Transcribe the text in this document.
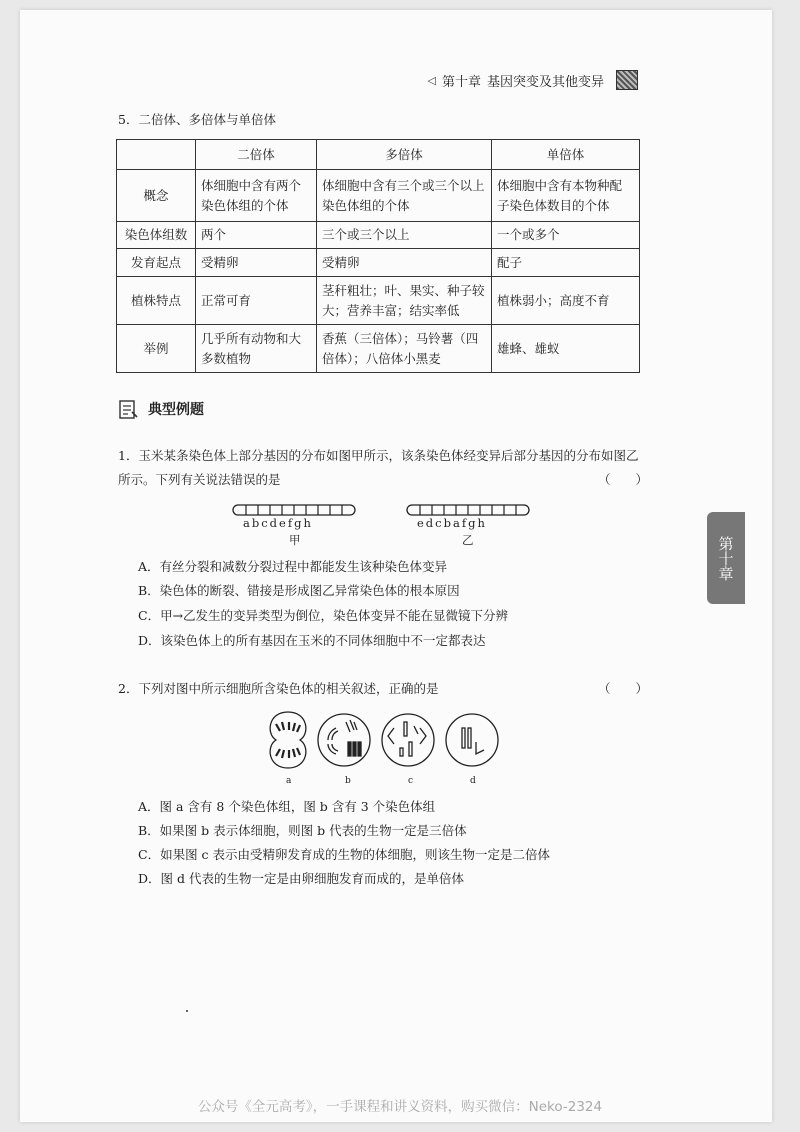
◁ 第十章 基因突变及其他变异
5．二倍体、多倍体与单倍体
	二倍体	多倍体	单倍体
概念	体细胞中含有两个染色体组的个体	体细胞中含有三个或三个以上染色体组的个体	体细胞中含有本物种配子染色体数目的个体
染色体组数	两个	三个或三个以上	一个或多个
发育起点	受精卵	受精卵	配子
植株特点	正常可育	茎秆粗壮；叶、果实、种子较大；营养丰富；结实率低	植株弱小；高度不育
举例	几乎所有动物和大多数植物	香蕉（三倍体）；马铃薯（四倍体）；八倍体小黑麦	雄蜂、雄蚁
典型例题
1．玉米某条染色体上部分基因的分布如图甲所示，该条染色体经变异后部分基因的分布如图乙所示。下列有关说法错误的是	（　　）
abcdefgh
甲
edcbafgh
乙
A．有丝分裂和减数分裂过程中都能发生该种染色体变异
B．染色体的断裂、错接是形成图乙异常染色体的根本原因
C．甲→乙发生的变异类型为倒位，染色体变异不能在显微镜下分辨
D．该染色体上的所有基因在玉米的不同体细胞中不一定都表达
2．下列对图中所示细胞所含染色体的相关叙述，正确的是	（　　）
a	b	c	d
A．图 a 含有 8 个染色体组，图 b 含有 3 个染色体组
B．如果图 b 表示体细胞，则图 b 代表的生物一定是三倍体
C．如果图 c 表示由受精卵发育成的生物的体细胞，则该生物一定是二倍体
D．图 d 代表的生物一定是由卵细胞发育而成的，是单倍体
第十章
公众号《全元高考》，一手课程和讲义资料，购买微信：Neko-2324
